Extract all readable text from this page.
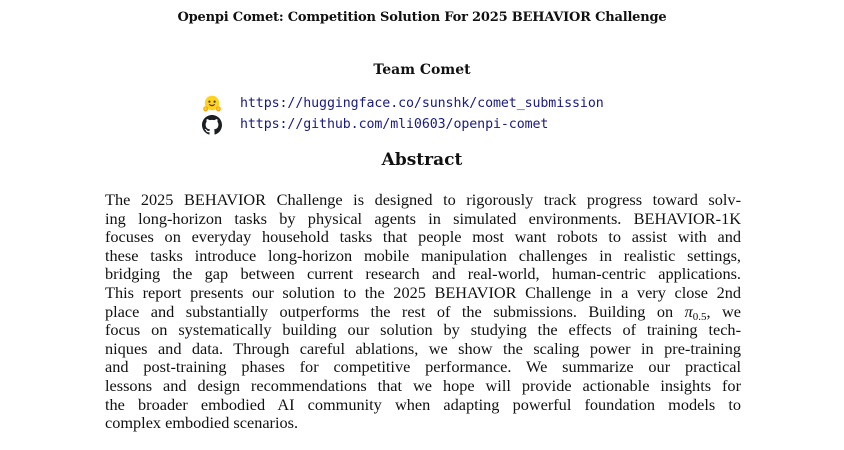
Openpi Comet: Competition Solution For 2025 BEHAVIOR Challenge
Team Comet
https://huggingface.co/sunshk/comet_submission
https://github.com/mli0603/openpi-comet
Abstract
The 2025 BEHAVIOR Challenge is designed to rigorously track progress toward solv-
ing long-horizon tasks by physical agents in simulated environments. BEHAVIOR-1K
focuses on everyday household tasks that people most want robots to assist with and
these tasks introduce long-horizon mobile manipulation challenges in realistic settings,
bridging the gap between current research and real-world, human-centric applications.
This report presents our solution to the 2025 BEHAVIOR Challenge in a very close 2nd
place and substantially outperforms the rest of the submissions. Building on $\pi_{0.5}$, we
focus on systematically building our solution by studying the effects of training tech-
niques and data. Through careful ablations, we show the scaling power in pre-training
and post-training phases for competitive performance. We summarize our practical
lessons and design recommendations that we hope will provide actionable insights for
the broader embodied AI community when adapting powerful foundation models to
complex embodied scenarios.
